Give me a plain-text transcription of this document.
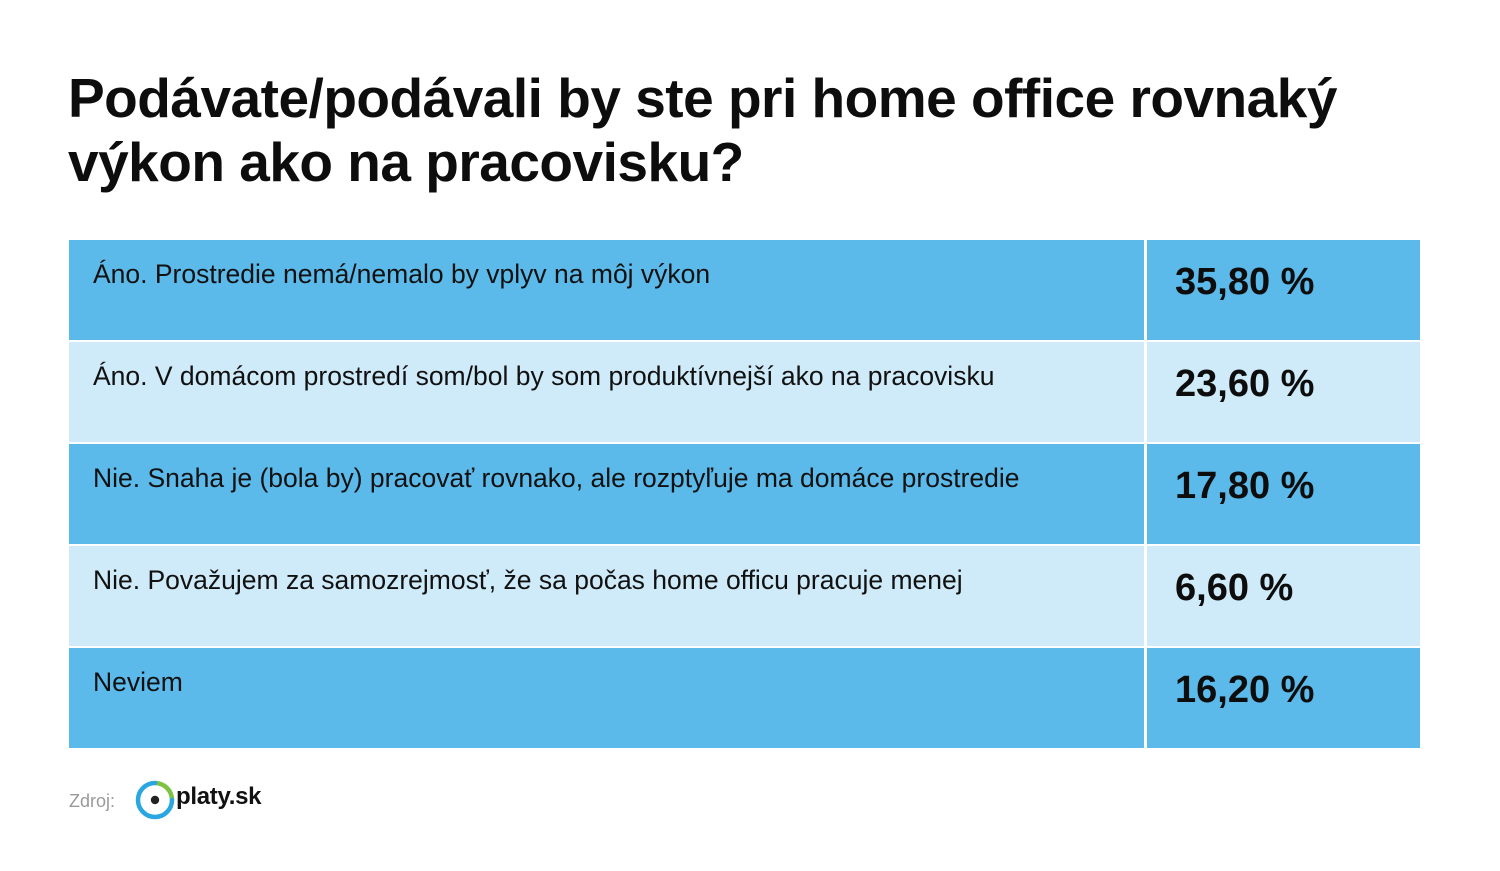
Podávate/podávali by ste pri home office rovnaký výkon ako na pracovisku?
Áno. Prostredie nemá/nemalo by vplyv na môj výkon	35,80 %
Áno. V domácom prostredí som/bol by som produktívnejší ako na pracovisku	23,60 %
Nie. Snaha je (bola by) pracovať rovnako, ale rozptyľuje ma domáce prostredie	17,80 %
Nie. Považujem za samozrejmosť, že sa počas home officu pracuje menej	6,60 %
Neviem	16,20 %
Zdroj:	platy.sk
